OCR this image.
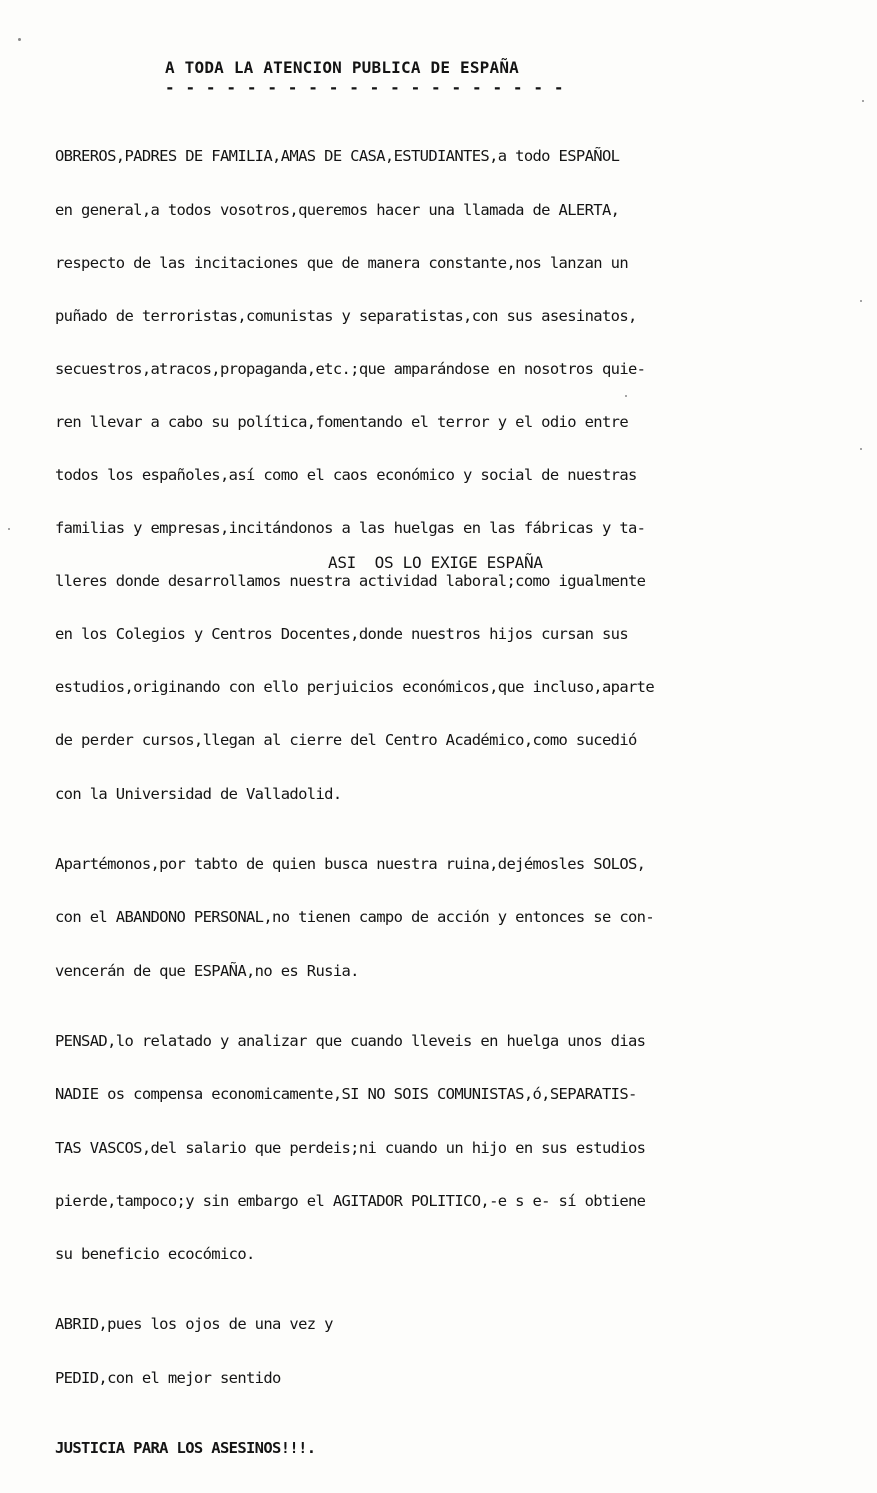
A TODA LA ATENCION PUBLICA DE ESPAÑA
- - - - - - - - - - - - - - - - - - - -

OBREROS,PADRES DE FAMILIA,AMAS DE CASA,ESTUDIANTES,a todo ESPAÑOL

en general,a todos vosotros,queremos hacer una llamada de ALERTA,

respecto de las incitaciones que de manera constante,nos lanzan un

puñado de terroristas,comunistas y separatistas,con sus asesinatos,

secuestros,atracos,propaganda,etc.;que amparándose en nosotros quie-

ren llevar a cabo su política,fomentando el terror y el odio entre

todos los españoles,así como el caos económico y social de nuestras

familias y empresas,incitándonos a las huelgas en las fábricas y ta-

lleres donde desarrollamos nuestra actividad laboral;como igualmente

en los Colegios y Centros Docentes,donde nuestros hijos cursan sus

estudios,originando con ello perjuicios económicos,que incluso,aparte

de perder cursos,llegan al cierre del Centro Académico,como sucedió

con la Universidad de Valladolid.

Apartémonos,por tabto de quien busca nuestra ruina,dejémosles SOLOS,

con el ABANDONO PERSONAL,no tienen campo de acción y entonces se con-

vencerán de que ESPAÑA,no es Rusia.

PENSAD,lo relatado y analizar que cuando lleveis en huelga unos dias

NADIE os compensa economicamente,SI NO SOIS COMUNISTAS,ó,SEPARATIS-

TAS VASCOS,del salario que perdeis;ni cuando un hijo en sus estudios

pierde,tampoco;y sin embargo el AGITADOR POLITICO,-e s e- sí obtiene

su beneficio ecocómico.

ABRID,pues los ojos de una vez y

PEDID,con el mejor sentido

JUSTICIA PARA LOS ASESINOS!!!.

ASI  OS LO EXIGE ESPAÑA
